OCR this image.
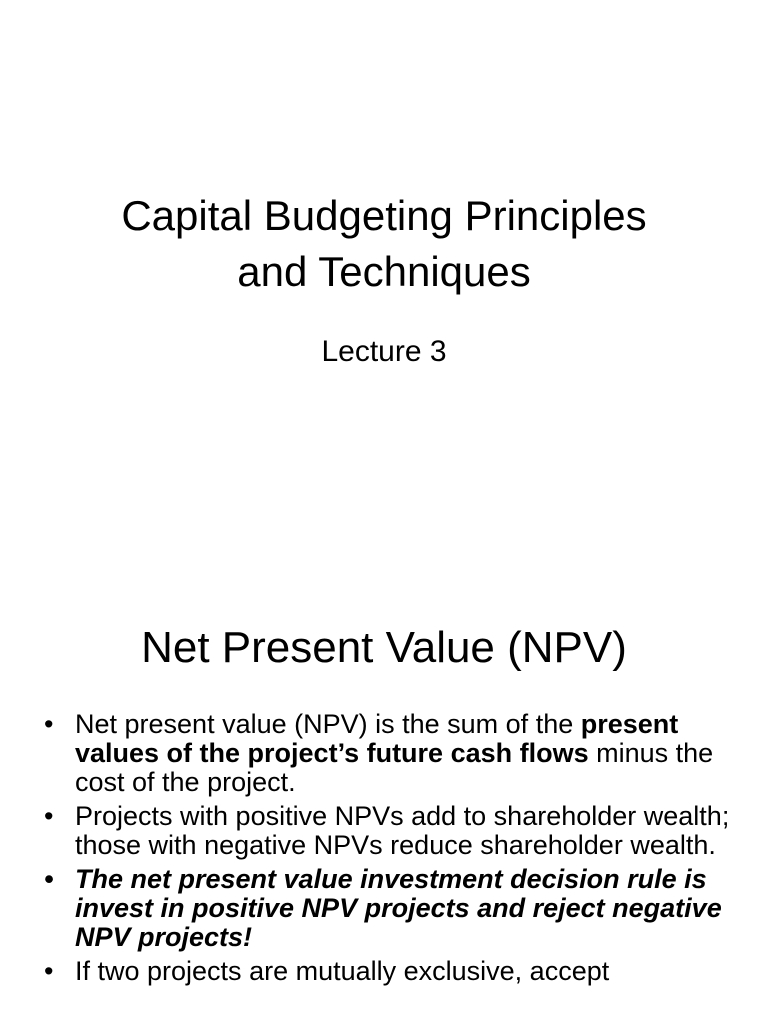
Capital Budgeting Principles
and Techniques
Lecture 3
Net Present Value (NPV)
• Net present value (NPV) is the sum of the present values of the project’s future cash flows minus the cost of the project.
• Projects with positive NPVs add to shareholder wealth; those with negative NPVs reduce shareholder wealth.
• The net present value investment decision rule is invest in positive NPV projects and reject negative NPV projects!
• If two projects are mutually exclusive, accept
